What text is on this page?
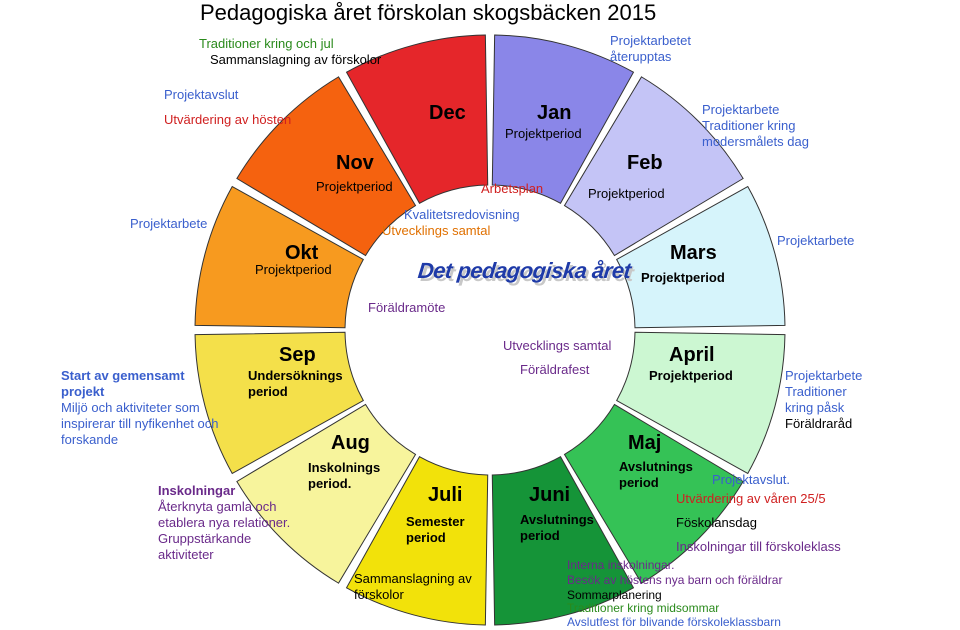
Pedagogiska året förskolan skogsbäcken 2015
Det pedagogiska året
Jan
Projektperiod
Feb
Projektperiod
Mars
Projektperiod
April
Projektperiod
Maj
Avslutnings
period
Juni
Avslutnings
period
Juli
Semester
period
Aug
Inskolnings
period.
Sep
Undersöknings
period
Okt
Projektperiod
Nov
Projektperiod
Dec
Arbetsplan
Kvalitetsredovisning
Utvecklings samtal
Föräldramöte
Utvecklings samtal
Föräldrafest
Traditioner kring och jul
Sammanslagning av förskolor
Projektarbetet
återupptas
Projektavslut
Utvärdering av hösten
Projektarbete
Traditioner kring
modersmålets dag
Projektarbete
Projektarbete
Start av gemensamt
projekt
Miljö och aktiviteter som
inspirerar till nyfikenhet och
forskande
Inskolningar
Återknyta gamla och
etablera nya relationer.
Gruppstärkande
aktiviteter
Projektarbete
Traditioner
kring påsk
Föräldraråd
Projektavslut.
Utvärdering av våren 25/5
Föskolansdag
Inskolningar till förskoleklass
Sammanslagning av
förskolor
Interna inskolningar.
Besök av höstens nya barn och föräldrar
Sommarplanering
Traditioner kring midsommar
Avslutfest för blivande förskoleklassbarn
